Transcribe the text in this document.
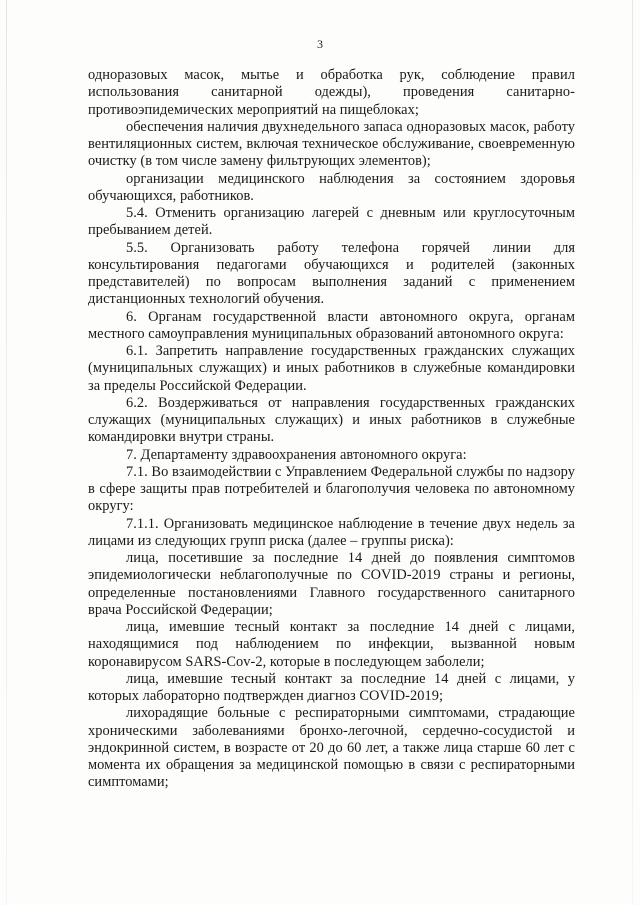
3

одноразовых масок, мытье и обработка рук, соблюдение правил использования санитарной одежды), проведения санитарно-противоэпидемических мероприятий на пищеблоках;

обеспечения наличия двухнедельного запаса одноразовых масок, работу вентиляционных систем, включая техническое обслуживание, своевременную очистку (в том числе замену фильтрующих элементов);

организации медицинского наблюдения за состоянием здоровья обучающихся, работников.

5.4. Отменить организацию лагерей с дневным или круглосуточным пребыванием детей.

5.5. Организовать работу телефона горячей линии для консультирования педагогами обучающихся и родителей (законных представителей) по вопросам выполнения заданий с применением дистанционных технологий обучения.

6. Органам государственной власти автономного округа, органам местного самоуправления муниципальных образований автономного округа:

6.1. Запретить направление государственных гражданских служащих (муниципальных служащих) и иных работников в служебные командировки за пределы Российской Федерации.

6.2. Воздерживаться от направления государственных гражданских служащих (муниципальных служащих) и иных работников в служебные командировки внутри страны.

7. Департаменту здравоохранения автономного округа:

7.1. Во взаимодействии с Управлением Федеральной службы по надзору в сфере защиты прав потребителей и благополучия человека по автономному округу:

7.1.1. Организовать медицинское наблюдение в течение двух недель за лицами из следующих групп риска (далее – группы риска):

лица, посетившие за последние 14 дней до появления симптомов эпидемиологически неблагополучные по COVID-2019 страны и регионы, определенные постановлениями Главного государственного санитарного врача Российской Федерации;

лица, имевшие тесный контакт за последние 14 дней с лицами, находящимися под наблюдением по инфекции, вызванной новым коронавирусом SARS-Cov-2, которые в последующем заболели;

лица, имевшие тесный контакт за последние 14 дней с лицами, у которых лабораторно подтвержден диагноз COVID-2019;

лихорадящие больные с респираторными симптомами, страдающие хроническими заболеваниями бронхо-легочной, сердечно-сосудистой и эндокринной систем, в возрасте от 20 до 60 лет, а также лица старше 60 лет с момента их обращения за медицинской помощью в связи с респираторными симптомами;
